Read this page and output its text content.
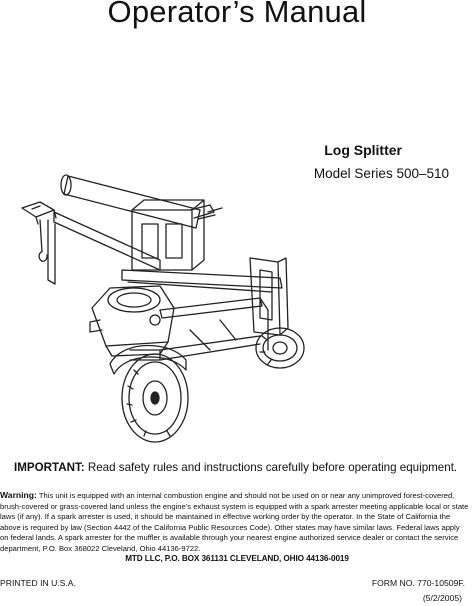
Operator’s Manual
Log Splitter
Model Series 500–510
IMPORTANT: Read safety rules and instructions carefully before operating equipment.
Warning: This unit is equipped with an internal combustion engine and should not be used on or near any unimproved forest-covered, brush-covered or grass-covered land unless the engine’s exhaust system is equipped with a spark arrester meeting applicable local or state laws (if any). If a spark arrester is used, it should be maintained in effective working order by the operator. In the State of California the above is required by law (Section 4442 of the California Public Resources Code). Other states may have similar laws. Federal laws apply on federal lands. A spark arrester for the muffler is available through your nearest engine authorized service dealer or contact the service department, P.O. Box 368022 Cleveland, Ohio 44136-9722.
MTD LLC, P.O. BOX 361131 CLEVELAND, OHIO 44136-0019
PRINTED IN U.S.A.	FORM NO. 770-10509F.
(5/2/2005)
